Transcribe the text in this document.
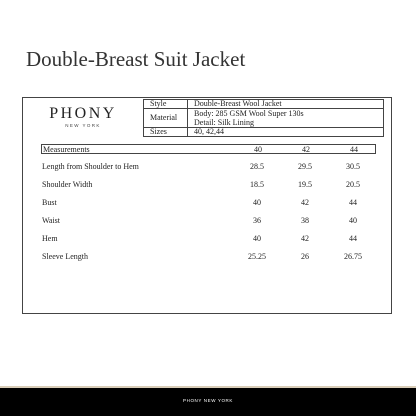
Double-Breast Suit Jacket
PHONY
NEW YORK
Style	Double-Breast Wool Jacket
Material	Body: 285 GSM Wool Super 130s
Detail: Silk Lining

Sizes	40, 42,44
Measurements	40	42	44
Length from Shoulder to Hem	28.5	29.5	30.5
Shoulder Width	18.5	19.5	20.5
Bust	40	42	44
Waist	36	38	40
Hem	40	42	44
Sleeve Length	25.25	26	26.75
PHONY NEW YORK
